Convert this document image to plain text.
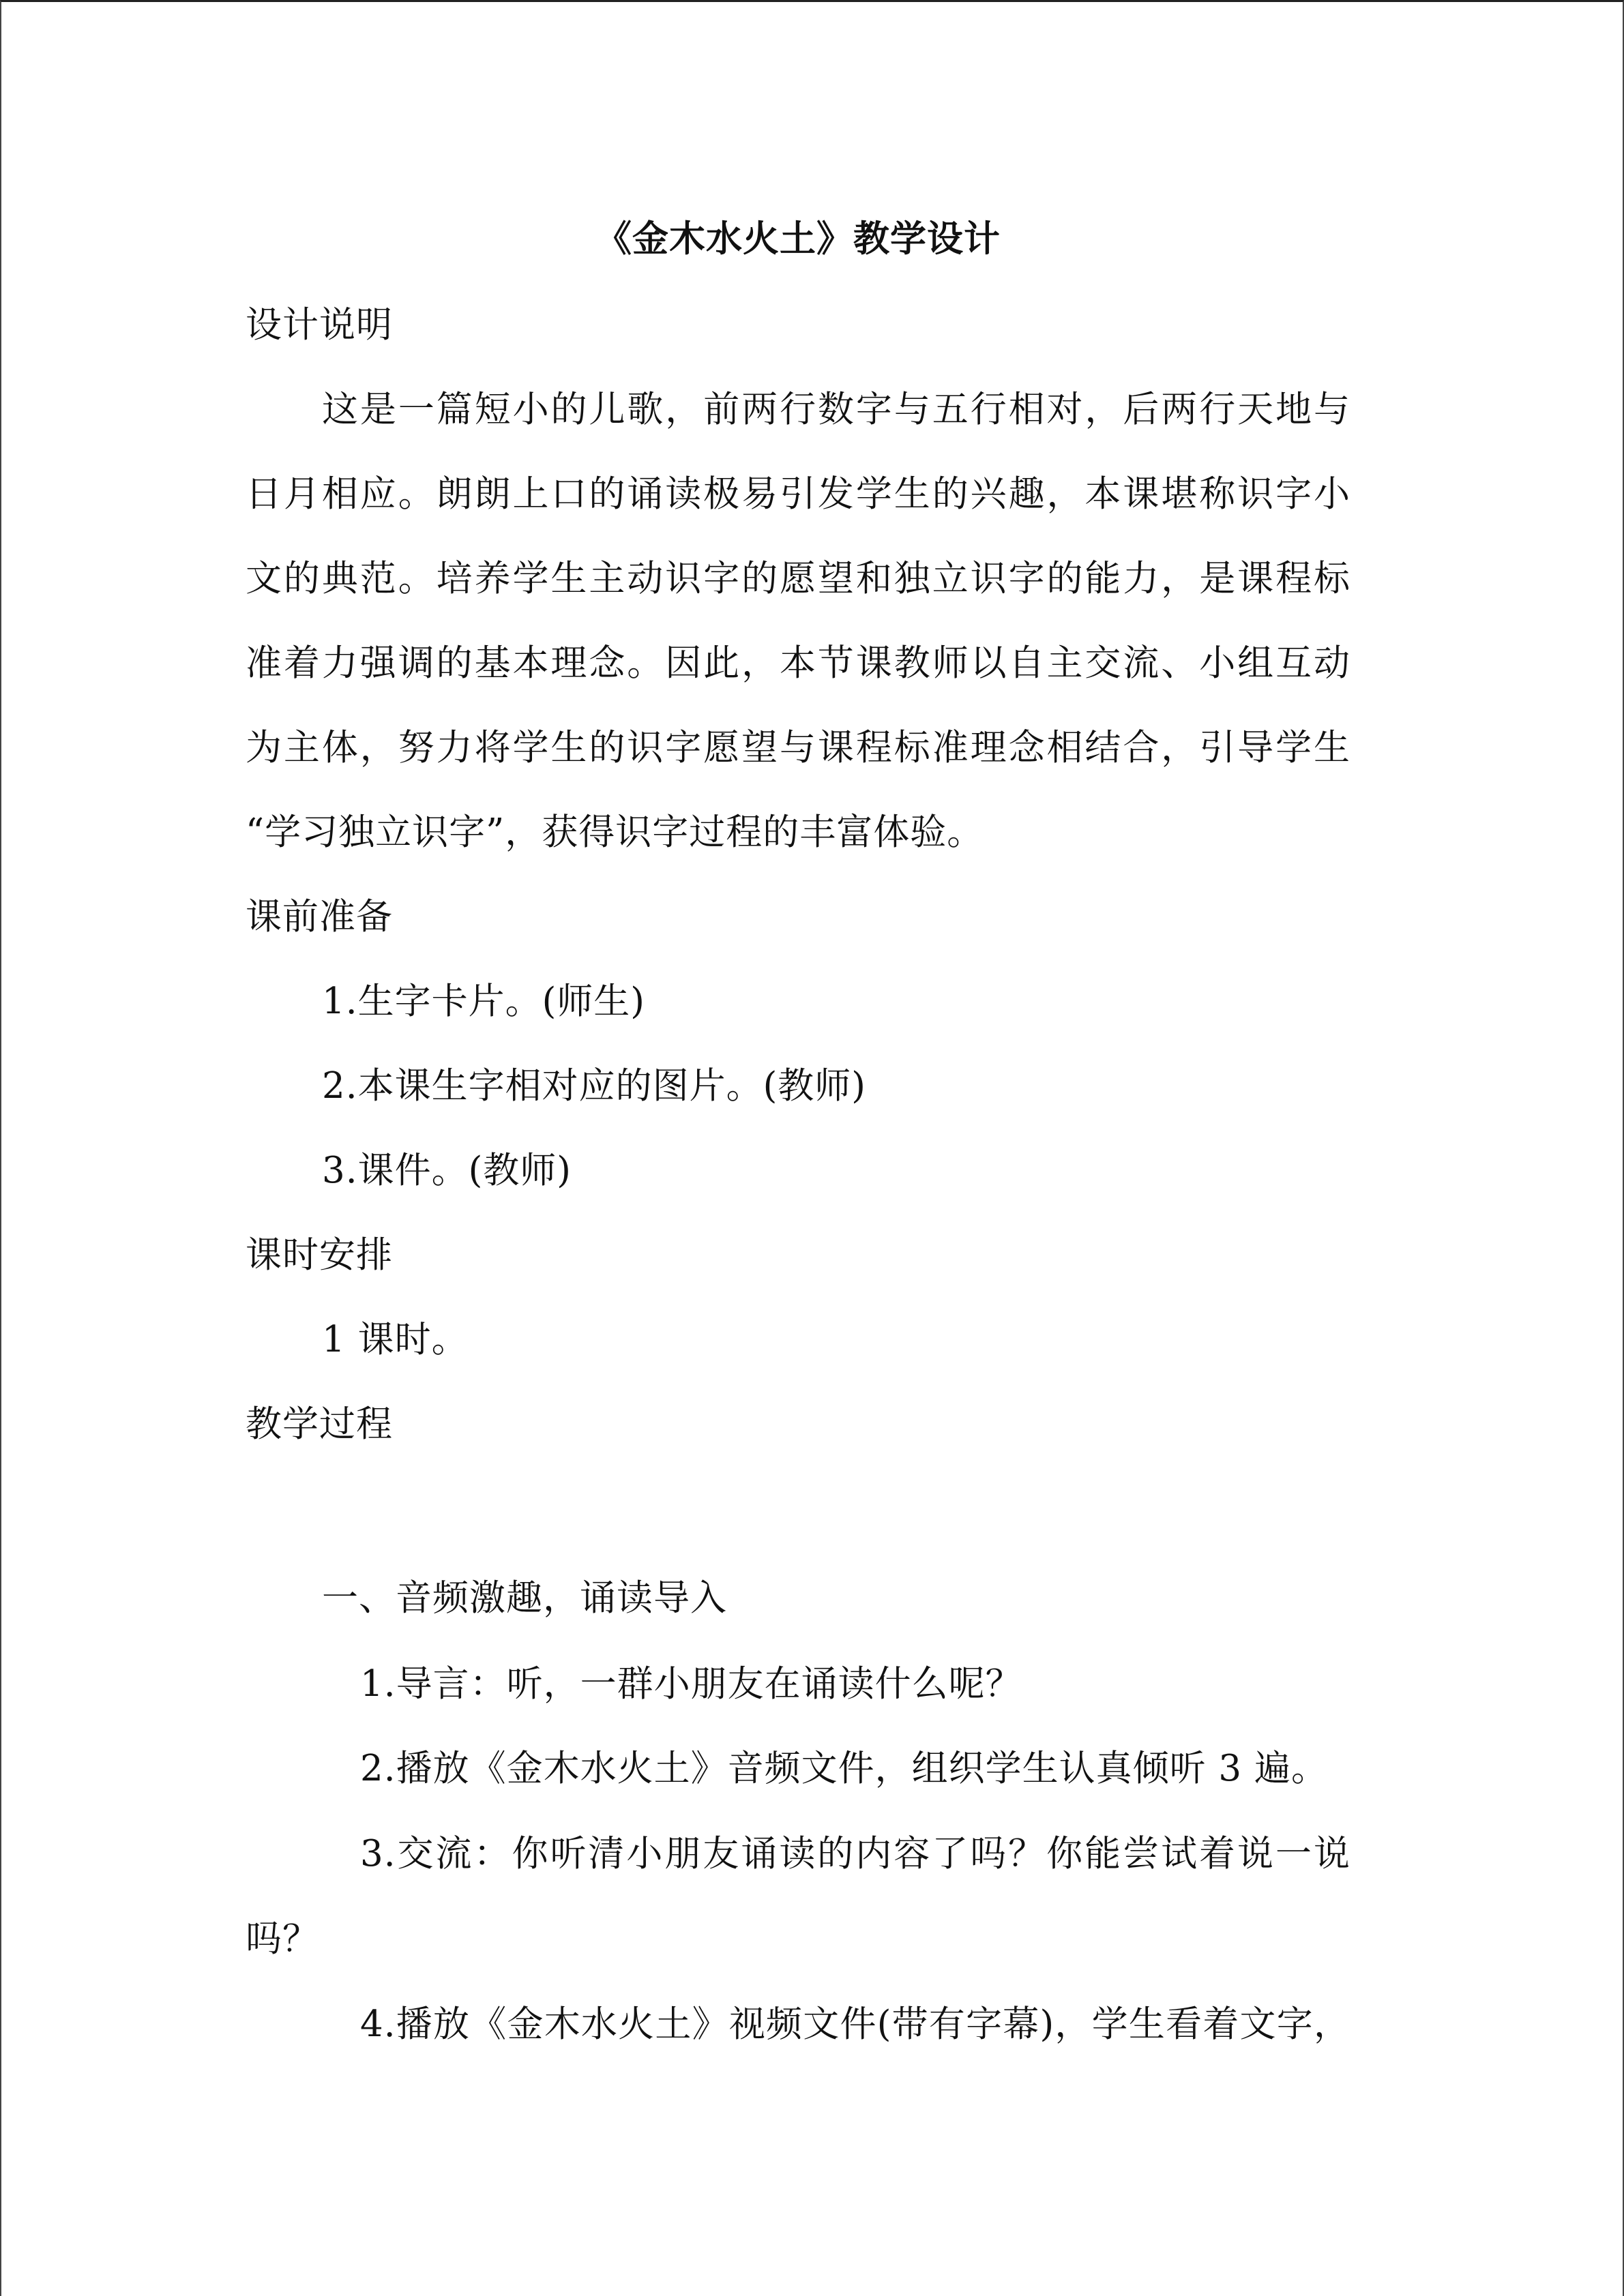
《金木水火土》教学设计
设计说明
这是一篇短小的儿歌，前两行数字与五行相对，后两行天地与
日月相应。朗朗上口的诵读极易引发学生的兴趣，本课堪称识字小
文的典范。培养学生主动识字的愿望和独立识字的能力，是课程标
准着力强调的基本理念。因此，本节课教师以自主交流、小组互动
为主体，努力将学生的识字愿望与课程标准理念相结合，引导学生
“学习独立识字”，获得识字过程的丰富体验。
课前准备
1.生字卡片。(师生)
2.本课生字相对应的图片。(教师)
3.课件。(教师)
课时安排
1 课时。
教学过程
一、音频激趣，诵读导入
1.导言：听，一群小朋友在诵读什么呢？
2.播放《金木水火土》音频文件，组织学生认真倾听 3 遍。
3.交流：你听清小朋友诵读的内容了吗？你能尝试着说一说
吗？
4.播放《金木水火土》视频文件(带有字幕)，学生看着文字，
